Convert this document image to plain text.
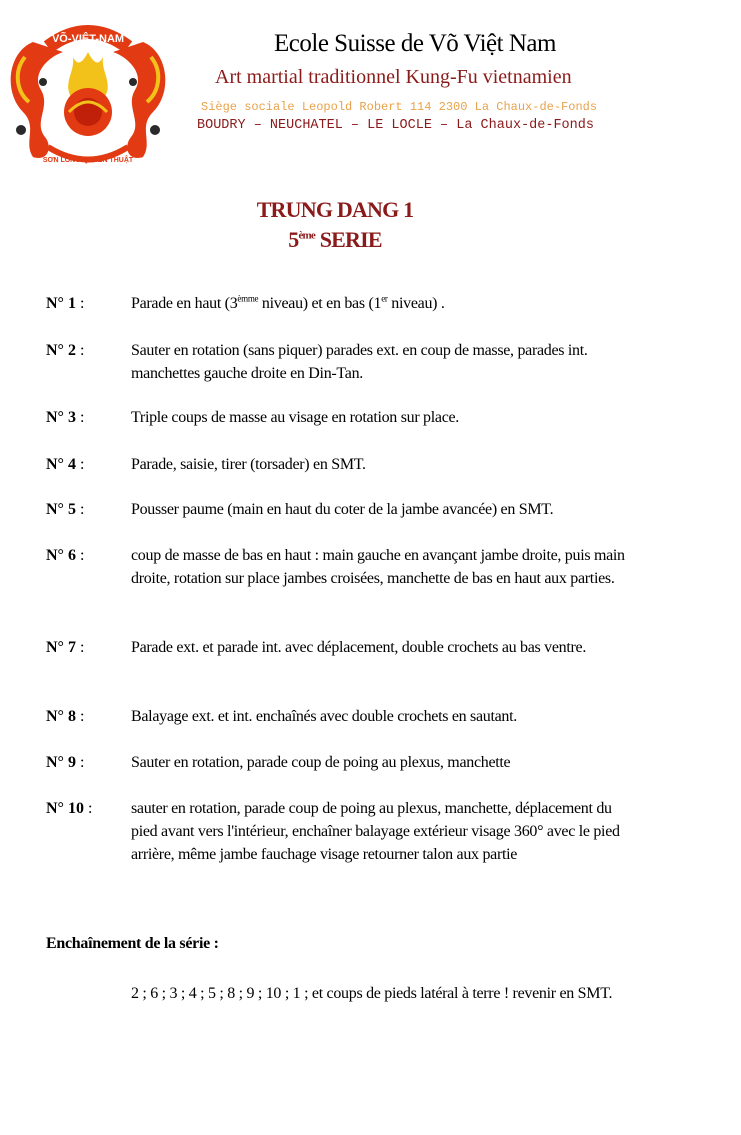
VÕ-VIỆT-NAM
SƠN LONG QUYỀN THUẬT
Ecole Suisse de Võ Việt Nam
Art martial traditionnel Kung-Fu vietnamien
Siège sociale Leopold Robert 114 2300 La Chaux-de-Fonds
BOUDRY – NEUCHATEL – LE LOCLE – La Chaux-de-Fonds
TRUNG DANG 1
5ème SERIE
N° 1 :	Parade en haut ($3^{èmme}$ niveau) et en bas (1er niveau) .
N° 2 :	Sauter en rotation (sans piquer) parades ext. en coup de masse, parades int. manchettes gauche droite en Din-Tan.
N° 3 :	Triple coups de masse au visage en rotation sur place.
N° 4 :	Parade, saisie, tirer (torsader) en SMT.
N° 5 :	Pousser paume (main en haut du coter de la jambe avancée) en SMT.
N° 6 :	coup de masse de bas en haut : main gauche en avançant jambe droite, puis main droite, rotation sur place jambes croisées, manchette de bas en haut aux parties.
N° 7 :	Parade ext. et parade int. avec déplacement, double crochets au bas ventre.
N° 8 :	Balayage ext. et int. enchaînés avec double crochets en sautant.
N° 9 :	Sauter en rotation, parade coup de poing au plexus, manchette
N° 10 : sauter en rotation, parade coup de poing au plexus, manchette, déplacement du pied avant vers l'intérieur, enchaîner balayage extérieur visage 360° avec le pied arrière, même jambe fauchage visage retourner talon aux partie
Enchaînement de la série :
2 ; 6 ; 3 ; 4 ; 5 ; 8 ; 9 ; 10 ; 1 ; et coups de pieds latéral à terre ! revenir en SMT.
